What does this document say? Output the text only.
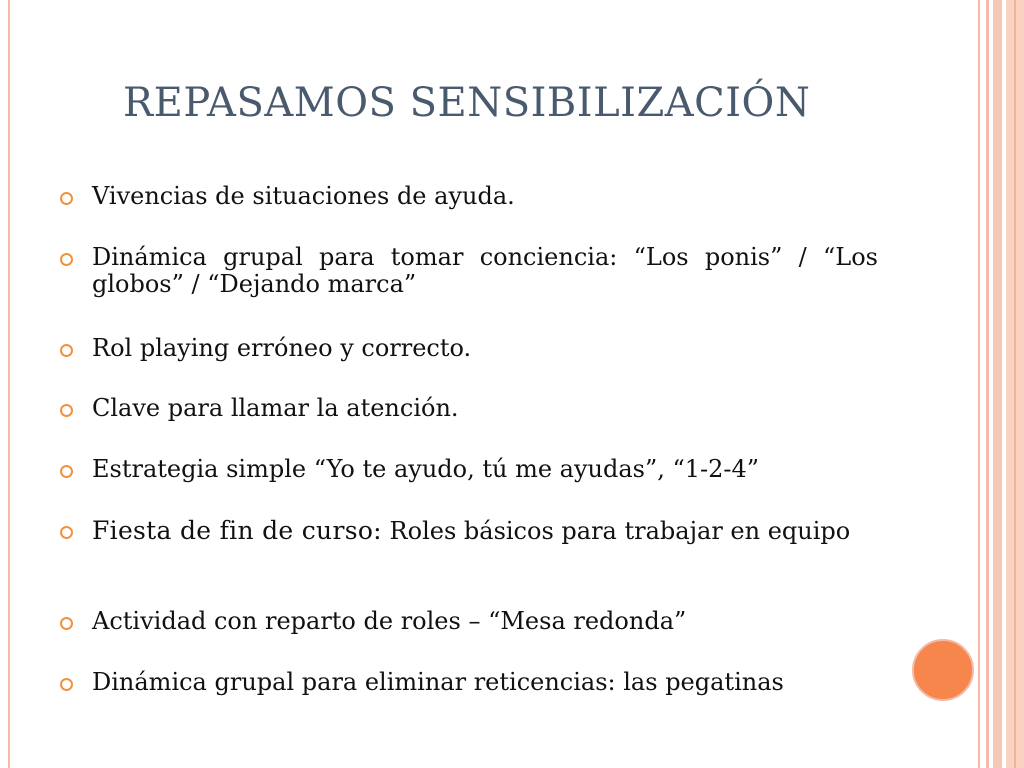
REPASAMOS SENSIBILIZACIÓN
Vivencias de situaciones de ayuda.
Dinámica grupal para tomar conciencia: “Los ponis” / “Los globos” / “Dejando marca”
Rol playing erróneo y correcto.
Clave para llamar la atención.
Estrategia simple “Yo te ayudo, tú me ayudas”, “1-2-4”
Fiesta de fin de curso: Roles básicos para trabajar en equipo
Actividad con reparto de roles – “Mesa redonda”
Dinámica grupal para eliminar reticencias: las pegatinas
